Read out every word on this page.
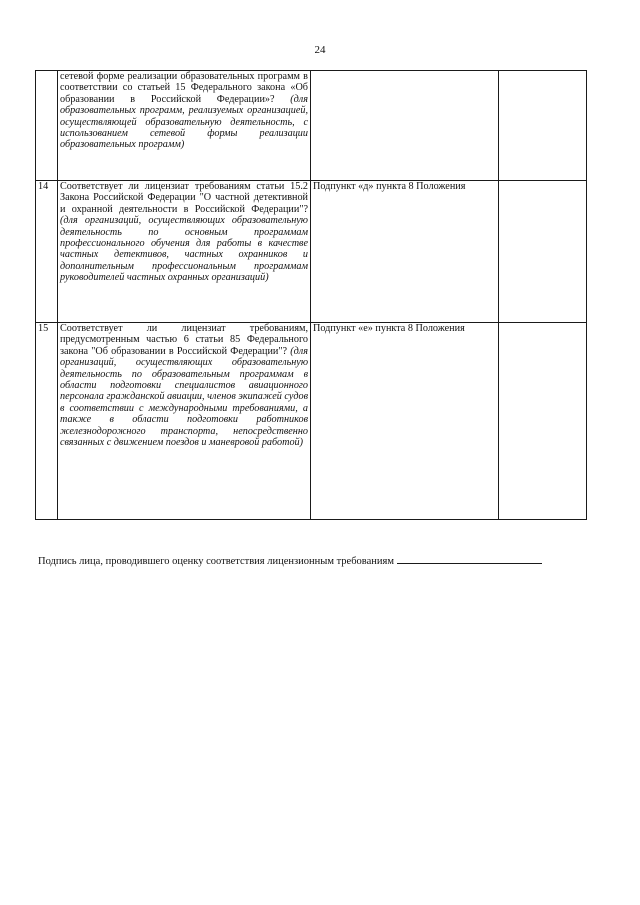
24
	сетевой форме реализации образовательных программ в соответствии со статьей 15 Федерального закона «Об образовании в Российской Федерации»? (для образовательных программ, реализуемых организацией, осуществляющей образовательную деятельность, с использованием сетевой формы реализации образовательных программ)		
14	Соответствует ли лицензиат требованиям статьи 15.2 Закона Российской Федерации "О частной детективной и охранной деятельности в Российской Федерации"? (для организаций, осуществляющих образовательную деятельность по основным программам профессионального обучения для работы в качестве частных детективов, частных охранников и дополнительным профессиональным программам руководителей частных охранных организаций)	Подпункт «д» пункта 8 Положения	
15	Соответствует ли лицензиат требованиям, предусмотренным частью 6 статьи 85 Федерального закона "Об образовании в Российской Федерации"? (для организаций, осуществляющих образовательную деятельность по образовательным программам в области подготовки специалистов авиационного персонала гражданской авиации, членов экипажей судов в соответствии с международными требованиями, а также в области подготовки работников железнодорожного транспорта, непосредственно связанных с движением поездов и маневровой работой)	Подпункт «е» пункта 8 Положения	
Подпись лица, проводившего оценку соответствия лицензионным требованиям
